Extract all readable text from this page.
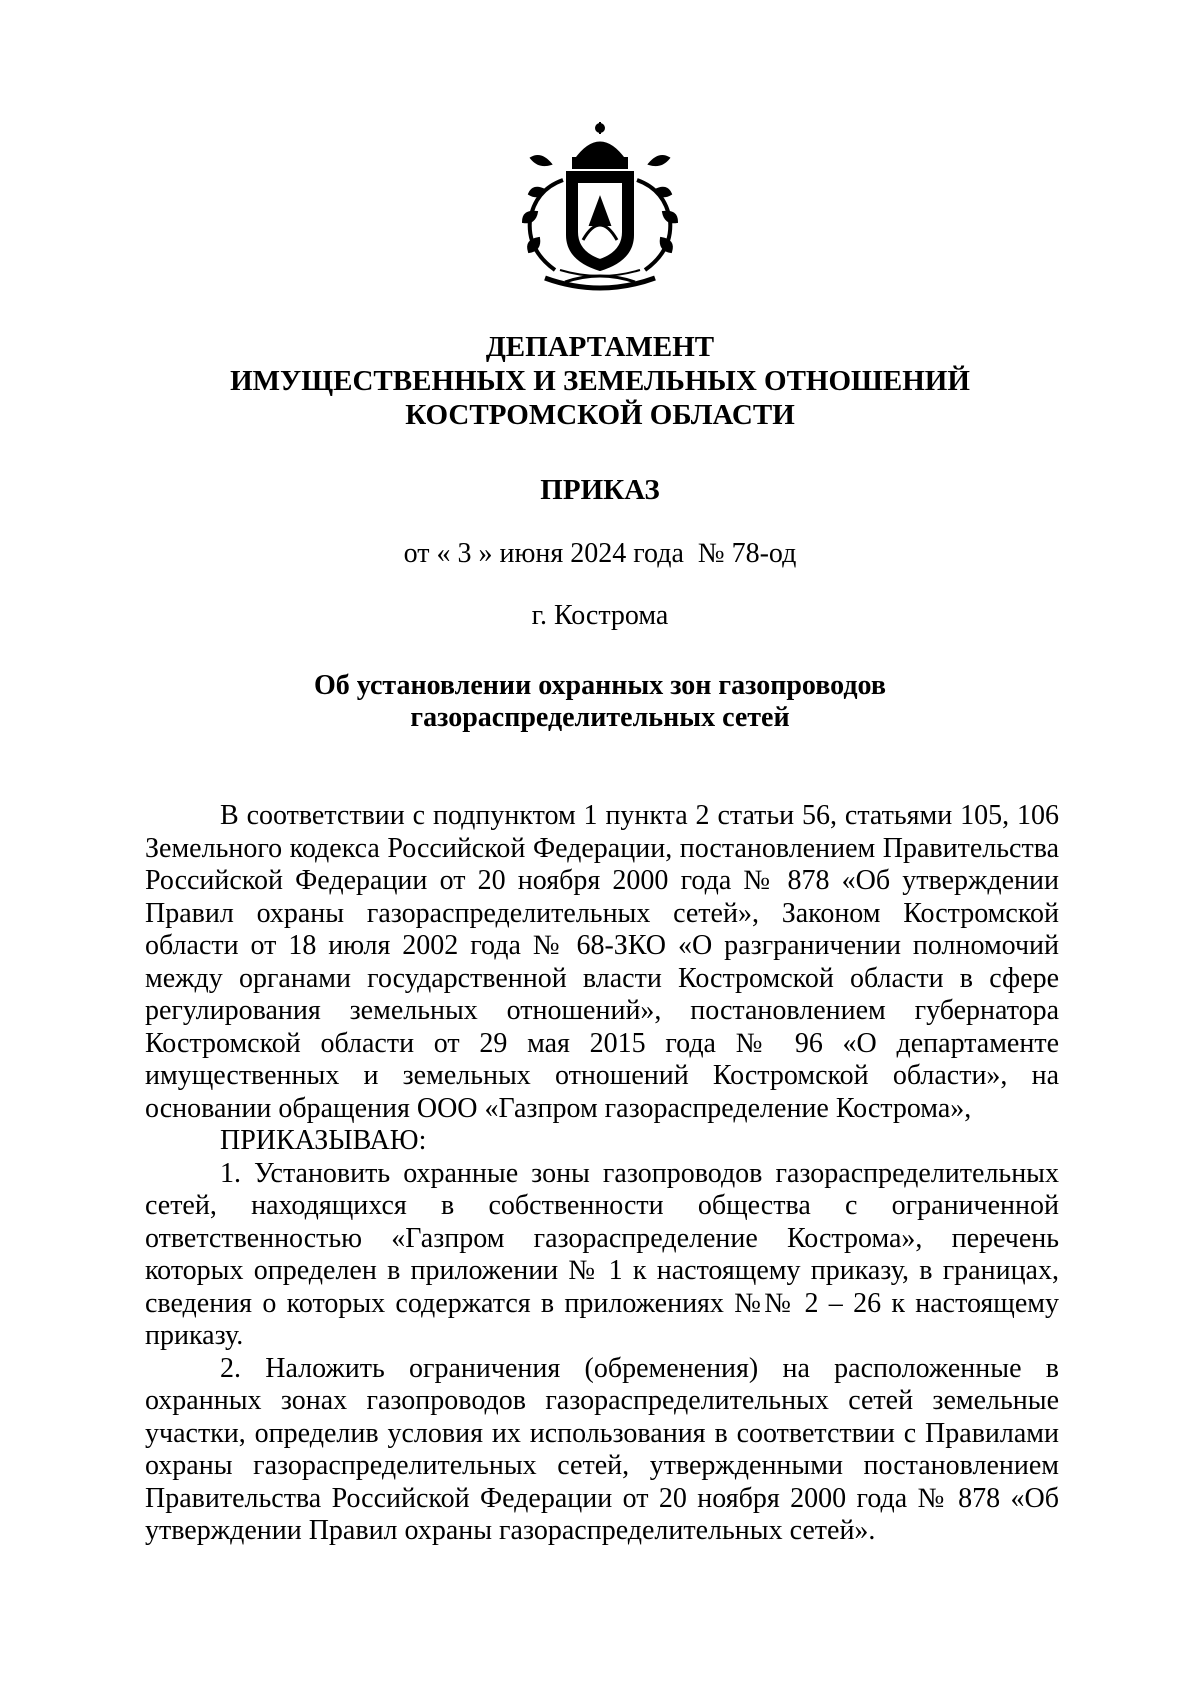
ДЕПАРТАМЕНТ
ИМУЩЕСТВЕННЫХ И ЗЕМЕЛЬНЫХ ОТНОШЕНИЙ
КОСТРОМСКОЙ ОБЛАСТИ
ПРИКАЗ
от « 3 » июня 2024 года  № 78-од
г. Кострома
Об установлении охранных зон газопроводов
газораспределительных сетей

В соответствии с подпунктом 1 пункта 2 статьи 56, статьями 105, 106 Земельного кодекса Российской Федерации, постановлением Правительства Российской Федерации от 20 ноября 2000 года № 878 «Об утверждении Правил охраны газораспределительных сетей», Законом Костромской области от 18 июля 2002 года № 68-ЗКО «О разграничении полномочий между органами государственной власти Костромской области в сфере регулирования земельных отношений», постановлением губернатора Костромской области от 29 мая 2015 года № 96 «О департаменте имущественных и земельных отношений Костромской области», на основании обращения ООО «Газпром газораспределение Кострома»,

ПРИКАЗЫВАЮ:

1. Установить охранные зоны газопроводов газораспределительных сетей, находящихся в собственности общества с ограниченной ответственностью «Газпром газораспределение Кострома», перечень которых определен в приложении № 1 к настоящему приказу, в границах, сведения о которых содержатся в приложениях №№ 2 – 26 к настоящему приказу.

2. Наложить ограничения (обременения) на расположенные в охранных зонах газопроводов газораспределительных сетей земельные участки, определив условия их использования в соответствии с Правилами охраны газораспределительных сетей, утвержденными постановлением Правительства Российской Федерации от 20 ноября 2000 года № 878 «Об утверждении Правил охраны газораспределительных сетей».
